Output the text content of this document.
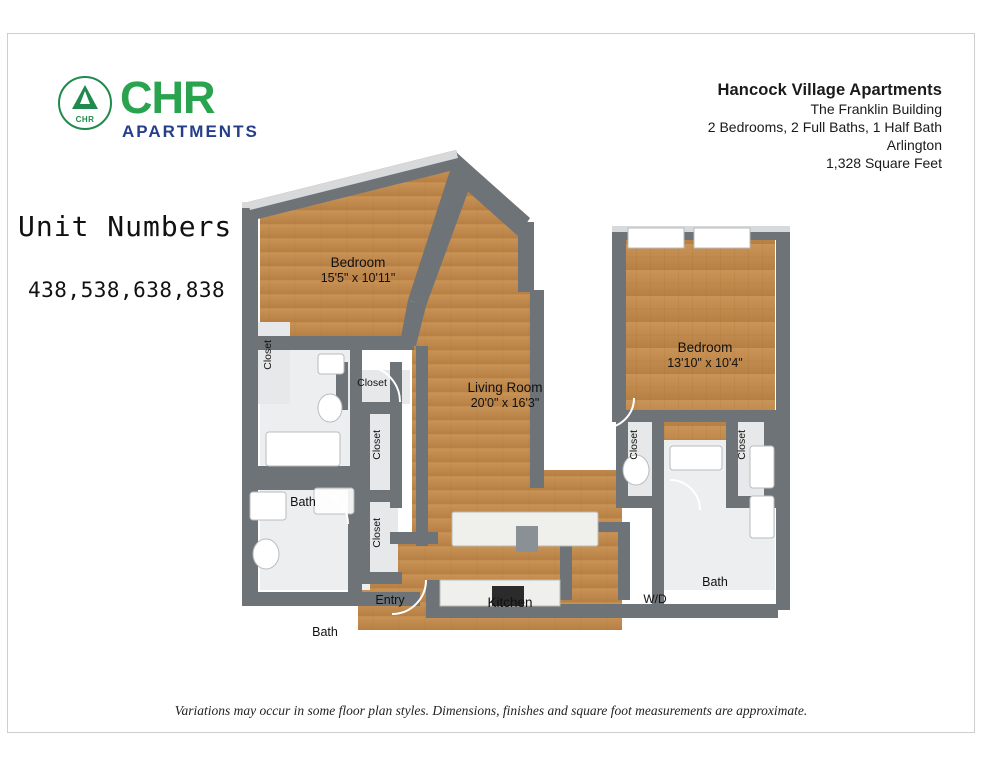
CHR CHR
APARTMENTS
Hancock Village Apartments
The Franklin Building
2 Bedrooms, 2 Full Baths, 1 Half Bath
Arlington
1,328 Square Feet
Unit Numbers
438,538,638,838
Bedroom
15'5" x 10'11"
Bedroom
13'10" x 10'4"
Living Room
20'0" x 16'3"
Kitchen
Entry	W/D
Bath
Bath
Bath
Closet
Closet
Closet
Closet
Closet	Closet
Variations may occur in some floor plan styles. Dimensions, finishes and square foot measurements are approximate.
